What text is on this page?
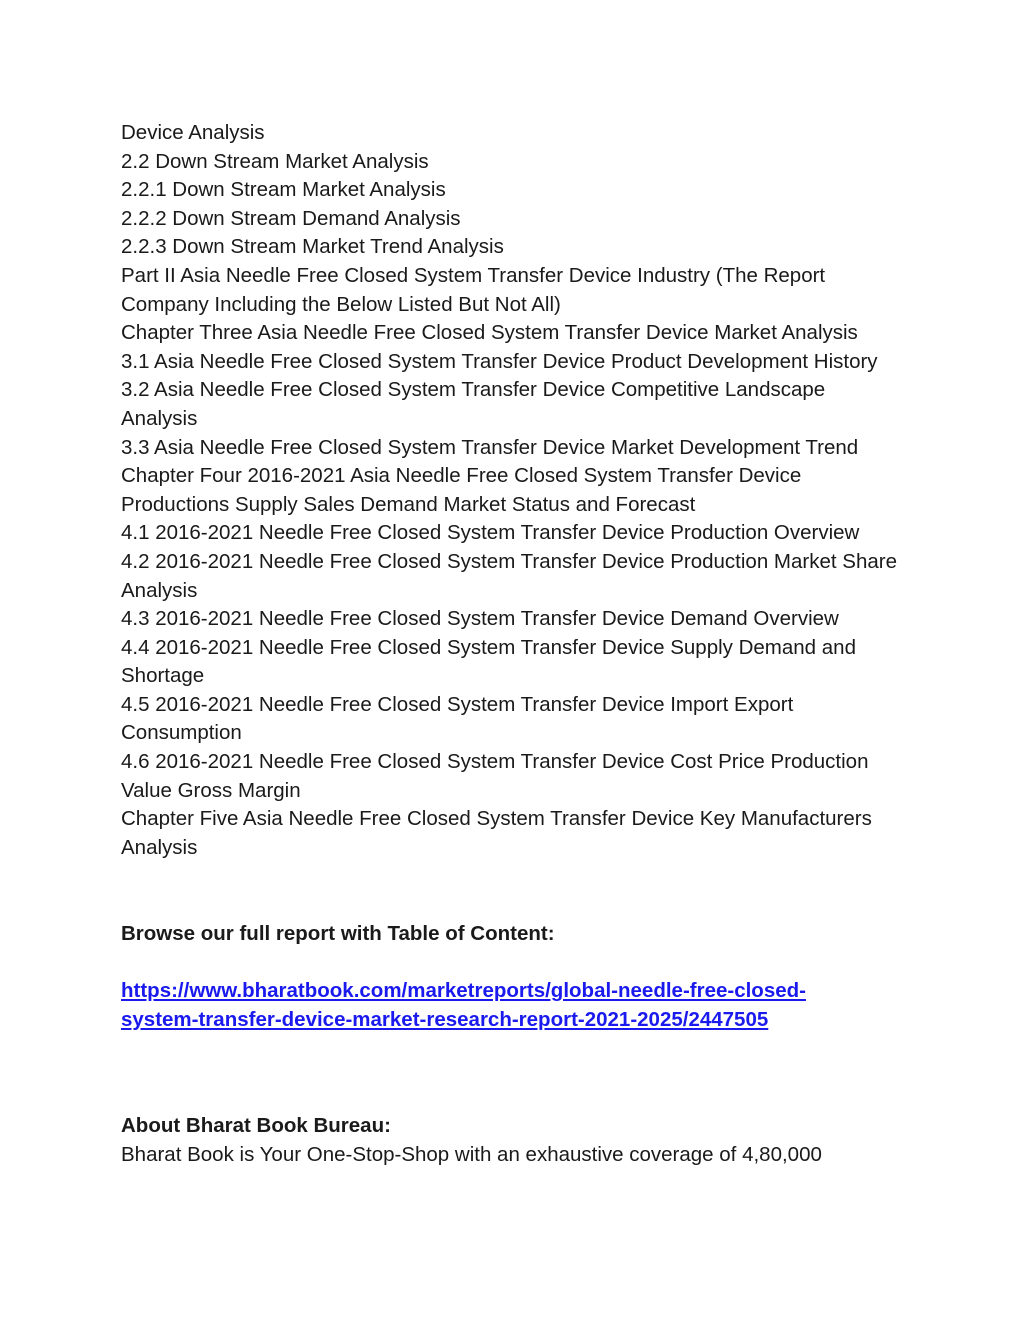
Device Analysis

2.2 Down Stream Market Analysis

2.2.1 Down Stream Market Analysis

2.2.2 Down Stream Demand Analysis

2.2.3 Down Stream Market Trend Analysis

Part II Asia Needle Free Closed System Transfer Device Industry (The Report Company Including the Below Listed But Not All)

Chapter Three Asia Needle Free Closed System Transfer Device Market Analysis

3.1 Asia Needle Free Closed System Transfer Device Product Development History

3.2 Asia Needle Free Closed System Transfer Device Competitive Landscape Analysis

3.3 Asia Needle Free Closed System Transfer Device Market Development Trend

Chapter Four 2016-2021 Asia Needle Free Closed System Transfer Device Productions Supply Sales Demand Market Status and Forecast

4.1 2016-2021 Needle Free Closed System Transfer Device Production Overview

4.2 2016-2021 Needle Free Closed System Transfer Device Production Market Share Analysis

4.3 2016-2021 Needle Free Closed System Transfer Device Demand Overview

4.4 2016-2021 Needle Free Closed System Transfer Device Supply Demand and Shortage

4.5 2016-2021 Needle Free Closed System Transfer Device Import Export Consumption

4.6 2016-2021 Needle Free Closed System Transfer Device Cost Price Production Value Gross Margin

Chapter Five Asia Needle Free Closed System Transfer Device Key Manufacturers Analysis

Browse our full report with Table of Content:

https://www.bharatbook.com/marketreports/global-needle-free-closed-
system-transfer-device-market-research-report-2021-2025/2447505

About Bharat Book Bureau:

Bharat Book is Your One-Stop-Shop with an exhaustive coverage of 4,80,000
